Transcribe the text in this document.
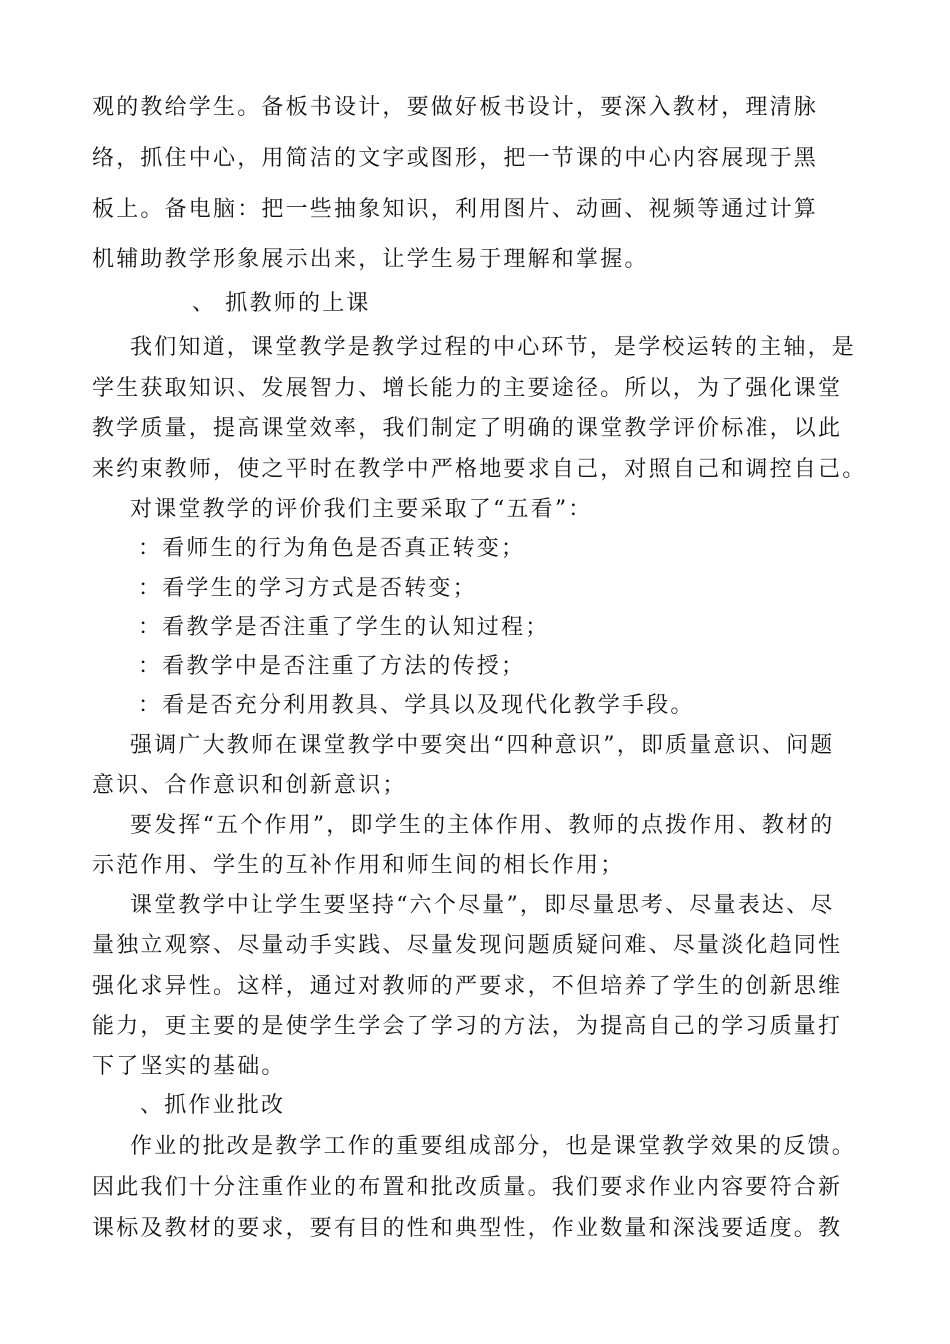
观的教给学生。备板书设计，要做好板书设计，要深入教材，理清脉
络，抓住中心，用简洁的文字或图形，把一节课的中心内容展现于黑
板上。备电脑：把一些抽象知识，利用图片、动画、视频等通过计算
机辅助教学形象展示出来，让学生易于理解和掌握。
、 抓教师的上课
我们知道，课堂教学是教学过程的中心环节，是学校运转的主轴，是
学生获取知识、发展智力、增长能力的主要途径。所以，为了强化课堂
教学质量，提高课堂效率，我们制定了明确的课堂教学评价标准，以此
来约束教师，使之平时在教学中严格地要求自己，对照自己和调控自己。
对课堂教学的评价我们主要采取了“五看”：
：看师生的行为角色是否真正转变；
：看学生的学习方式是否转变；
：看教学是否注重了学生的认知过程；
：看教学中是否注重了方法的传授；
：看是否充分利用教具、学具以及现代化教学手段。
强调广大教师在课堂教学中要突出“四种意识”，即质量意识、问题
意识、合作意识和创新意识；
要发挥“五个作用”，即学生的主体作用、教师的点拨作用、教材的
示范作用、学生的互补作用和师生间的相长作用；
课堂教学中让学生要坚持“六个尽量”，即尽量思考、尽量表达、尽
量独立观察、尽量动手实践、尽量发现问题质疑问难、尽量淡化趋同性
强化求异性。这样，通过对教师的严要求，不但培养了学生的创新思维
能力，更主要的是使学生学会了学习的方法，为提高自己的学习质量打
下了坚实的基础。
、抓作业批改
作业的批改是教学工作的重要组成部分，也是课堂教学效果的反馈。
因此我们十分注重作业的布置和批改质量。我们要求作业内容要符合新
课标及教材的要求，要有目的性和典型性，作业数量和深浅要适度。教
